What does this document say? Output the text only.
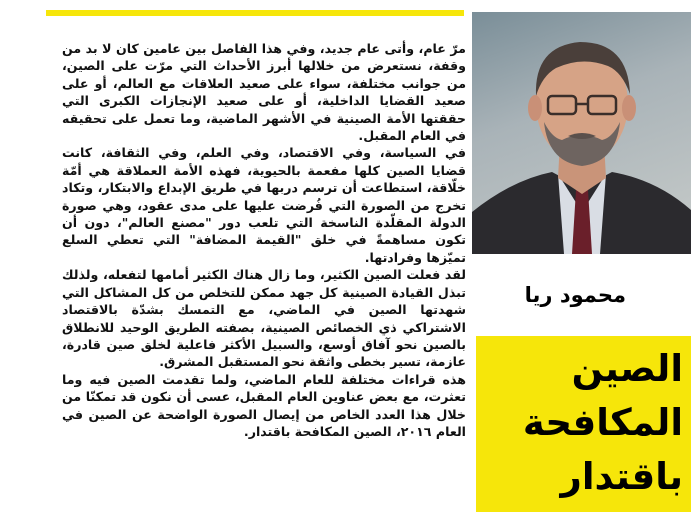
مرّ عام، وأتى عام جديد، وفي هذا الفاصل بين عامين كان لا بد من وقفة، نستعرض من خلالها أبرز الأحداث التي مرّت على الصين، من جوانب مختلفة، سواء على صعيد العلاقات مع العالم، أو على صعيد القضايا الداخلية، أو على صعيد الإنجازات الكبرى التي حققتها الأمة الصينية في الأشهر الماضية، وما تعمل على تحقيقه في العام المقبل.

في السياسة، وفي الاقتصاد، وفي العلم، وفي الثقافة، كانت قضايا الصين كلها مفعمة بالحيوية، فهذه الأمة العملاقة هي أمّة خلّاقة، استطاعت أن ترسم دربها في طريق الإبداع والابتكار، وتكاد تخرج من الصورة التي فُرضت عليها على مدى عقود، وهي صورة الدولة المقلّدة الناسخة التي تلعب دور "مصنع العالم"، دون أن تكون مساهمةً في خلق "القيمة المضافة" التي تعطي السلع تميّزها وفرادتها.

لقد فعلت الصين الكثير، وما زال هناك الكثير أمامها لتفعله، ولذلك تبذل القيادة الصينية كل جهد ممكن للتخلص من كل المشاكل التي شهدتها الصين في الماضي، مع التمسك بشدّة بالاقتصاد الاشتراكي ذي الخصائص الصينية، بصفته الطريق الوحيد للانطلاق بالصين نحو آفاق أوسع، والسبيل الأكثر فاعلية لخلق صين قادرة، عازمة، تسير بخطى واثقة نحو المستقبل المشرق.

هذه قراءات مختلفة للعام الماضي، ولما تقدمت الصين فيه وما تعثرت، مع بعض عناوين العام المقبل، عسى أن نكون قد تمكنّا من خلال هذا العدد الخاص من إيصال الصورة الواضحة عن الصين في العام ٢٠١٦، الصين المكافحة باقتدار.

محمود ريا
الصين
المكافحة
باقتدار
